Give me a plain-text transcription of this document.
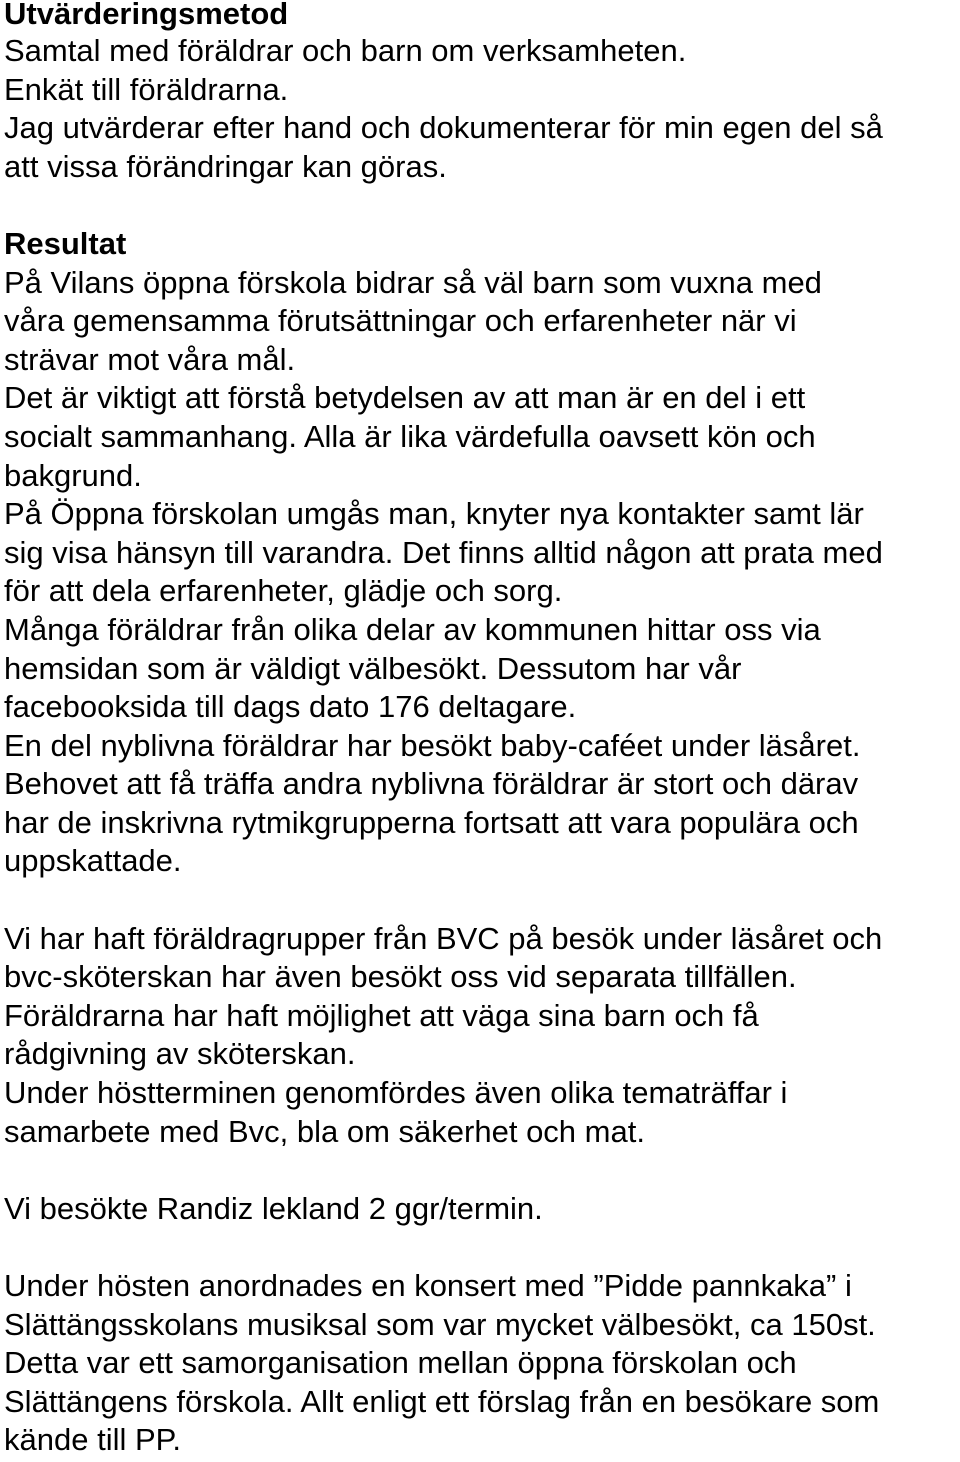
Utvärderingsmetod
Samtal med föräldrar och barn om verksamheten.
Enkät till föräldrarna.
Jag utvärderar efter hand och dokumenterar för min egen del så
att vissa förändringar kan göras.
Resultat
På Vilans öppna förskola bidrar så väl barn som vuxna med
våra gemensamma förutsättningar och erfarenheter när vi
strävar mot våra mål.
Det är viktigt att förstå betydelsen av att man är en del i ett
socialt sammanhang. Alla är lika värdefulla oavsett kön och
bakgrund.
På Öppna förskolan umgås man, knyter nya kontakter samt lär
sig visa hänsyn till varandra. Det finns alltid någon att prata med
för att dela erfarenheter, glädje och sorg.
Många föräldrar från olika delar av kommunen hittar oss via
hemsidan som är väldigt välbesökt. Dessutom har vår
facebooksida till dags dato 176 deltagare.
En del nyblivna föräldrar har besökt baby-caféet under läsåret.
Behovet att få träffa andra nyblivna föräldrar är stort och därav
har de inskrivna rytmikgrupperna fortsatt att vara populära och
uppskattade.
Vi har haft föräldragrupper från BVC på besök under läsåret och
bvc-sköterskan har även besökt oss vid separata tillfällen.
Föräldrarna har haft möjlighet att väga sina barn och få
rådgivning av sköterskan.
Under höstterminen genomfördes även olika tematräffar i
samarbete med Bvc, bla om säkerhet och mat.
Vi besökte Randiz lekland 2 ggr/termin.
Under hösten anordnades en konsert med ”Pidde pannkaka” i
Slättängsskolans musiksal som var mycket välbesökt, ca 150st.
Detta var ett samorganisation mellan öppna förskolan och
Slättängens förskola. Allt enligt ett förslag från en besökare som
kände till PP.
